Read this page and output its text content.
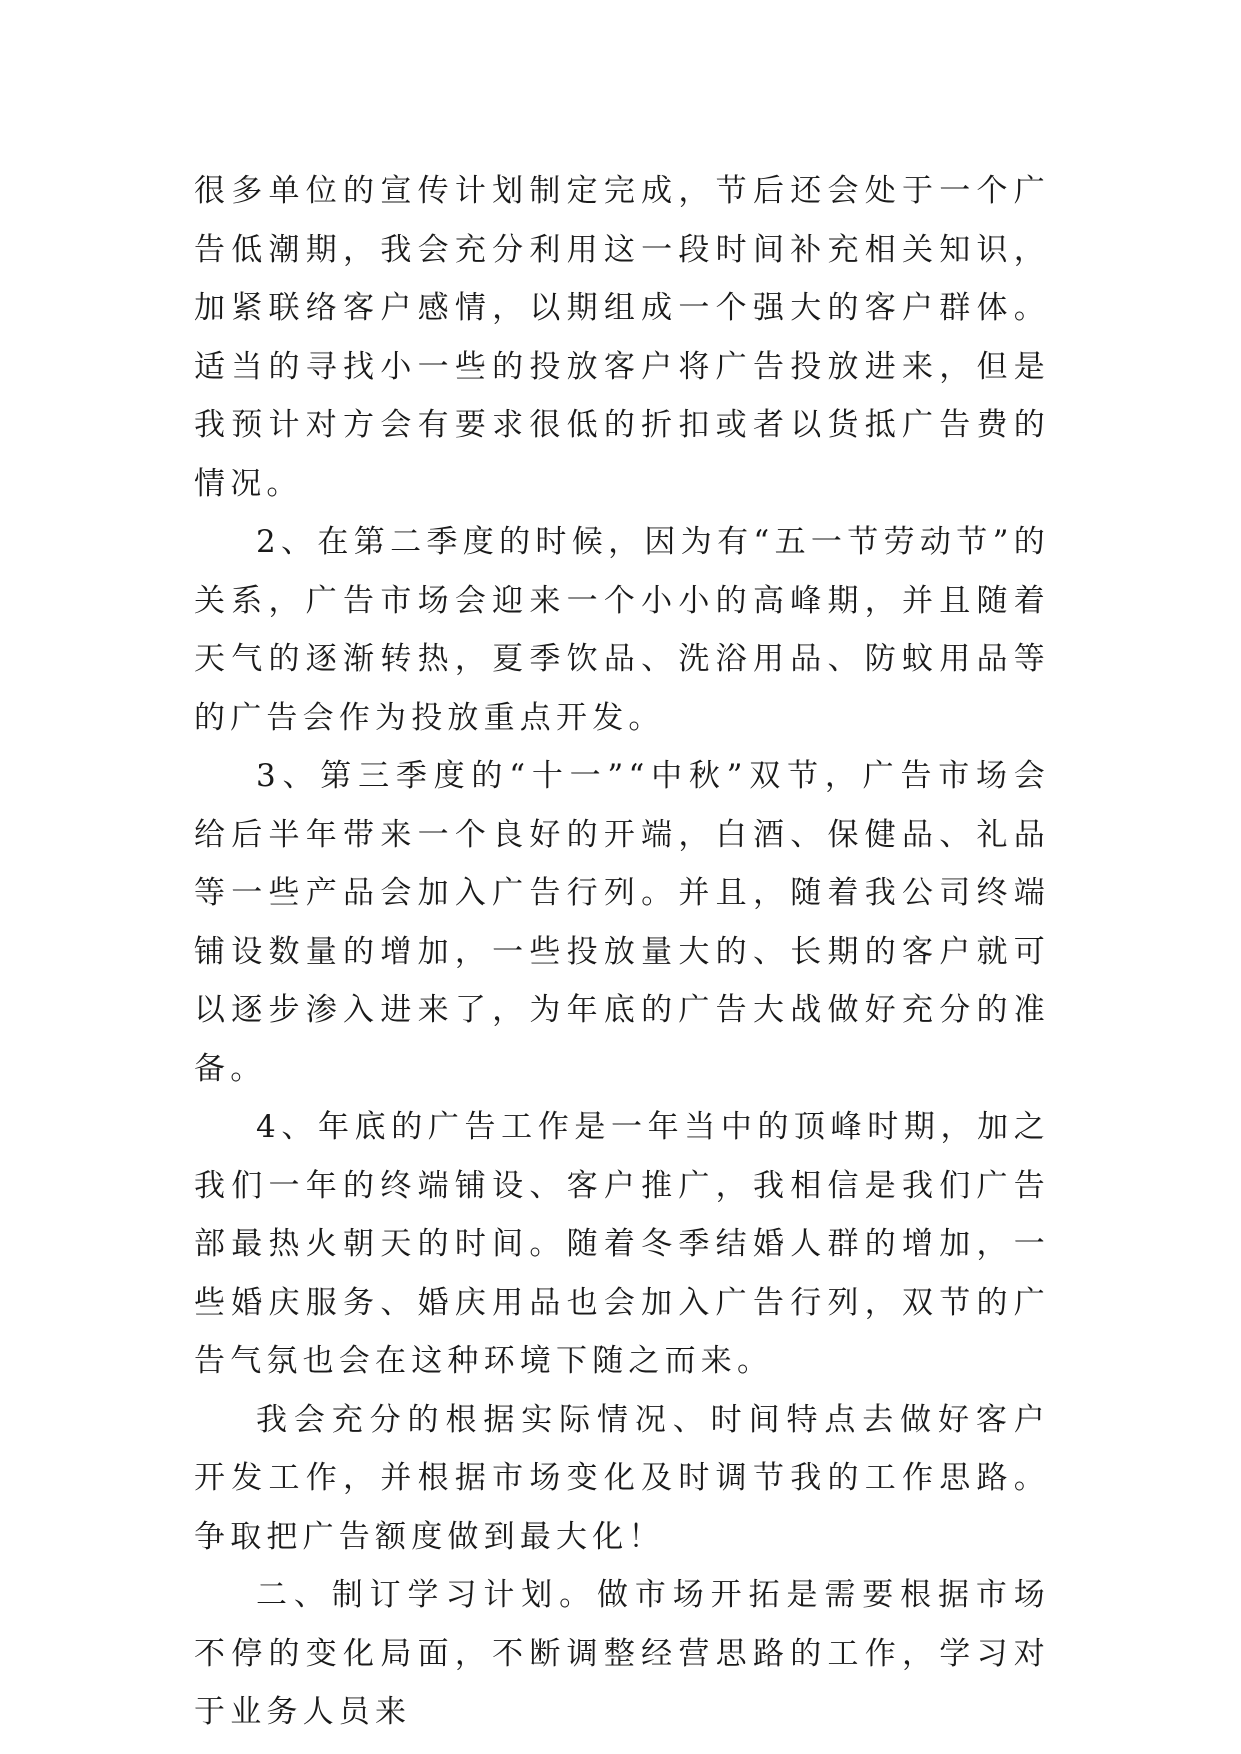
很多单位的宣传计划制定完成，节后还会处于一个广告低潮期，我会充分利用这一段时间补充相关知识，加紧联络客户感情，以期组成一个强大的客户群体。适当的寻找小一些的投放客户将广告投放进来，但是我预计对方会有要求很低的折扣或者以货抵广告费的情况。

2、在第二季度的时候，因为有“五一节劳动节”的关系，广告市场会迎来一个小小的高峰期，并且随着天气的逐渐转热，夏季饮品、洗浴用品、防蚊用品等的广告会作为投放重点开发。

3、第三季度的“十一”“中秋”双节，广告市场会给后半年带来一个良好的开端，白酒、保健品、礼品等一些产品会加入广告行列。并且，随着我公司终端铺设数量的增加，一些投放量大的、长期的客户就可以逐步渗入进来了，为年底的广告大战做好充分的准备。

4、年底的广告工作是一年当中的顶峰时期，加之我们一年的终端铺设、客户推广，我相信是我们广告部最热火朝天的时间。随着冬季结婚人群的增加，一些婚庆服务、婚庆用品也会加入广告行列，双节的广告气氛也会在这种环境下随之而来。

我会充分的根据实际情况、时间特点去做好客户开发工作，并根据市场变化及时调节我的工作思路。争取把广告额度做到最大化！

二、制订学习计划。做市场开拓是需要根据市场不停的变化局面，不断调整经营思路的工作，学习对于业务人员来
